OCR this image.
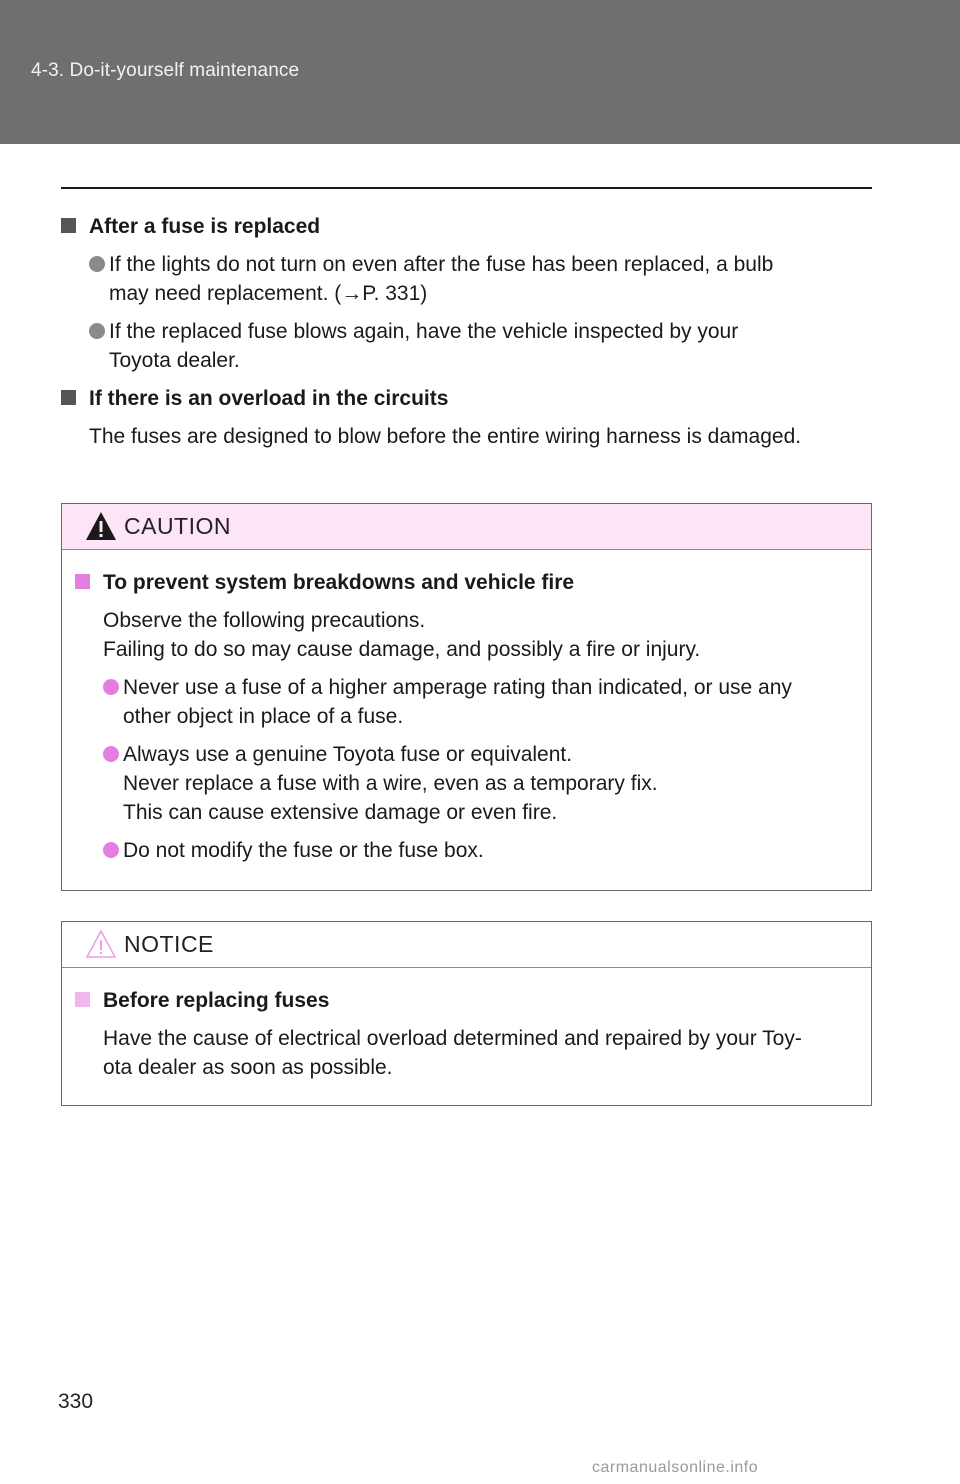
4-3. Do-it-yourself maintenance
After a fuse is replaced
If the lights do not turn on even after the fuse has been replaced, a bulb
may need replacement. (→P. 331)
If the replaced fuse blows again, have the vehicle inspected by your
Toyota dealer.
If there is an overload in the circuits
The fuses are designed to blow before the entire wiring harness is damaged.
CAUTION
To prevent system breakdowns and vehicle fire
Observe the following precautions.
Failing to do so may cause damage, and possibly a fire or injury.
Never use a fuse of a higher amperage rating than indicated, or use any
other object in place of a fuse.
Always use a genuine Toyota fuse or equivalent.
Never replace a fuse with a wire, even as a temporary fix.
This can cause extensive damage or even fire.
Do not modify the fuse or the fuse box.
NOTICE
Before replacing fuses
Have the cause of electrical overload determined and repaired by your Toy-
ota dealer as soon as possible.
330
carmanualsonline.info
